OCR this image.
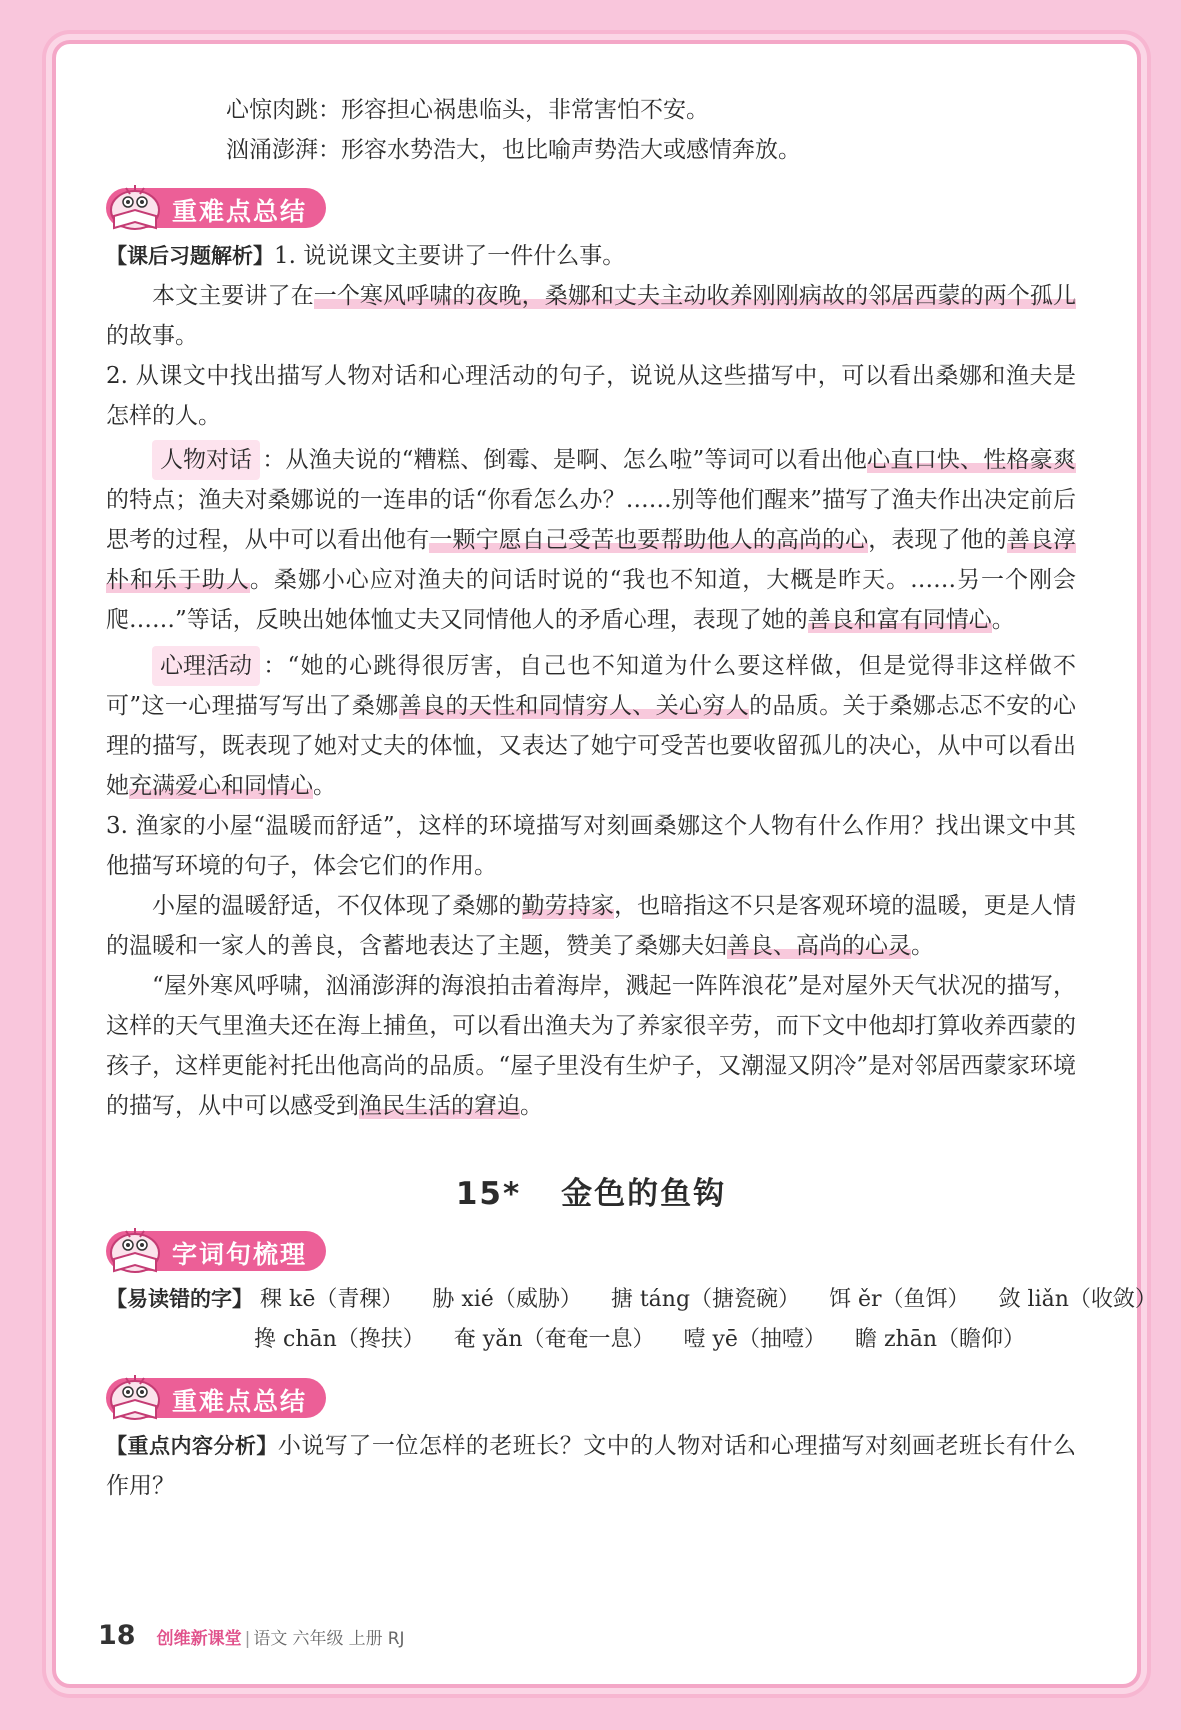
心惊肉跳：形容担心祸患临头，非常害怕不安。
汹涌澎湃：形容水势浩大，也比喻声势浩大或感情奔放。
重难点总结
【课后习题解析】1. 说说课文主要讲了一件什么事。
本文主要讲了在一个寒风呼啸的夜晚，桑娜和丈夫主动收养刚刚病故的邻居西蒙的两个孤儿的故事。
2. 从课文中找出描写人物对话和心理活动的句子，说说从这些描写中，可以看出桑娜和渔夫是怎样的人。
人物对话 ：从渔夫说的“糟糕、倒霉、是啊、怎么啦”等词可以看出他心直口快、性格豪爽的特点；渔夫对桑娜说的一连串的话“你看怎么办？……别等他们醒来”描写了渔夫作出决定前后思考的过程，从中可以看出他有一颗宁愿自己受苦也要帮助他人的高尚的心，表现了他的善良淳朴和乐于助人。桑娜小心应对渔夫的问话时说的“我也不知道，大概是昨天。……另一个刚会爬……”等话，反映出她体恤丈夫又同情他人的矛盾心理，表现了她的善良和富有同情心。
心理活动 ：“她的心跳得很厉害，自己也不知道为什么要这样做，但是觉得非这样做不可”这一心理描写写出了桑娜善良的天性和同情穷人、关心穷人的品质。关于桑娜忐忑不安的心理的描写，既表现了她对丈夫的体恤，又表达了她宁可受苦也要收留孤儿的决心，从中可以看出她充满爱心和同情心。
3. 渔家的小屋“温暖而舒适”，这样的环境描写对刻画桑娜这个人物有什么作用？找出课文中其他描写环境的句子，体会它们的作用。
小屋的温暖舒适，不仅体现了桑娜的勤劳持家，也暗指这不只是客观环境的温暖，更是人情的温暖和一家人的善良，含蓄地表达了主题，赞美了桑娜夫妇善良、高尚的心灵。
“屋外寒风呼啸，汹涌澎湃的海浪拍击着海岸，溅起一阵阵浪花”是对屋外天气状况的描写，这样的天气里渔夫还在海上捕鱼，可以看出渔夫为了养家很辛劳，而下文中他却打算收养西蒙的孩子，这样更能衬托出他高尚的品质。“屋子里没有生炉子，又潮湿又阴冷”是对邻居西蒙家环境的描写，从中可以感受到渔民生活的窘迫。
15* 金色的鱼钩
字词句梳理
【易读错的字】 稞 kē（青稞） 胁 xié（威胁） 搪 táng（搪瓷碗） 饵 ěr（鱼饵） 敛 liǎn（收敛）
搀 chān（搀扶） 奄 yǎn（奄奄一息） 噎 yē（抽噎） 瞻 zhān（瞻仰）
重难点总结
【重点内容分析】小说写了一位怎样的老班长？文中的人物对话和心理描写对刻画老班长有什么作用？
18 创维新课堂 | 语文 六年级 上册 RJ
